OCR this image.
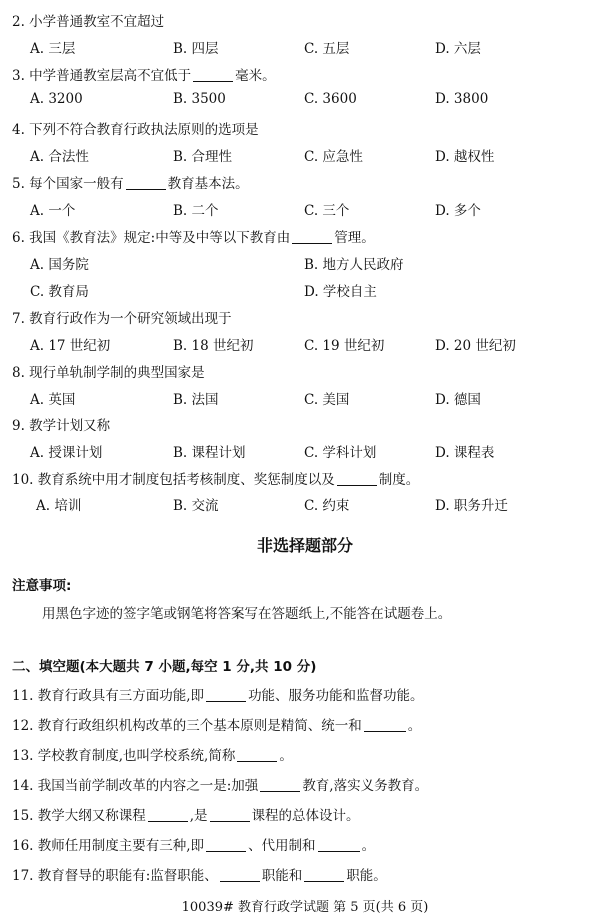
2. 小学普通教室不宜超过
A. 三层	B. 四层	C. 五层	D. 六层
3. 中学普通教室层高不宜低于	毫米。
A. 3200	B. 3500	C. 3600	D. 3800
4. 下列不符合教育行政执法原则的选项是
A. 合法性	B. 合理性	C. 应急性	D. 越权性
5. 每个国家一般有	教育基本法。
A. 一个	B. 二个	C. 三个	D. 多个
6. 我国《教育法》规定:中等及中等以下教育由	管理。
A. 国务院	B. 地方人民政府
C. 教育局	D. 学校自主
7. 教育行政作为一个研究领域出现于
A. 17 世纪初	B. 18 世纪初	C. 19 世纪初	D. 20 世纪初
8. 现行单轨制学制的典型国家是
A. 英国	B. 法国	C. 美国	D. 德国
9. 教学计划又称
A. 授课计划	B. 课程计划	C. 学科计划	D. 课程表
10. 教育系统中用才制度包括考核制度、奖惩制度以及	制度。
A. 培训	B. 交流	C. 约束	D. 职务升迁
非选择题部分
注意事项:
用黑色字迹的签字笔或钢笔将答案写在答题纸上,不能答在试题卷上。
二、填空题(本大题共 7 小题,每空 1 分,共 10 分)
11. 教育行政具有三方面功能,即	功能、服务功能和监督功能。
12. 教育行政组织机构改革的三个基本原则是精简、统一和	。
13. 学校教育制度,也叫学校系统,简称	。
14. 我国当前学制改革的内容之一是:加强	教育,落实义务教育。
15. 教学大纲又称课程	,是	课程的总体设计。
16. 教师任用制度主要有三种,即	、代用制和	。
17. 教育督导的职能有:监督职能、	职能和	职能。
10039# 教育行政学试题 第 5 页(共 6 页)
